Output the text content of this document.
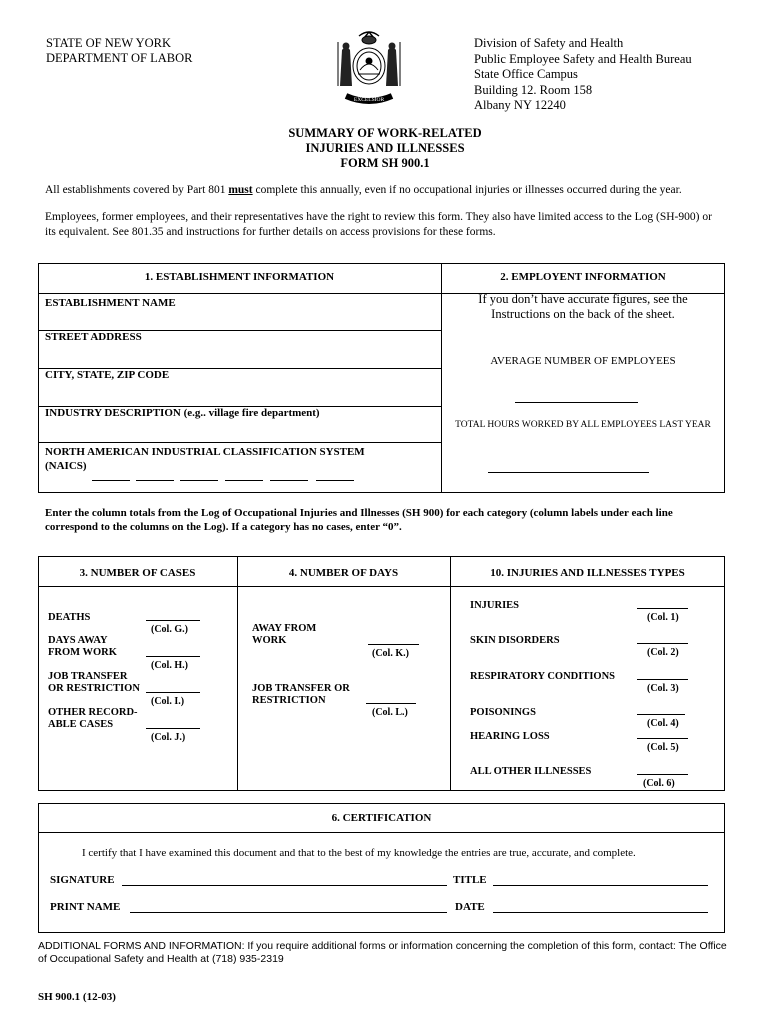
STATE OF NEW YORK
DEPARTMENT OF LABOR
EXCELSIOR
Division of Safety and Health
Public Employee Safety and Health Bureau
State Office Campus
Building 12. Room 158
Albany NY 12240
SUMMARY OF WORK-RELATED
INJURIES AND ILLNESSES
FORM SH 900.1
All establishments covered by Part 801 must complete this annually, even if no occupational injuries or illnesses occurred during the year.
Employees, former employees, and their representatives have the right to review this form. They also have limited access to the Log (SH-900) or its equivalent. See 801.35 and instructions for further details on access provisions for these forms.
1. ESTABLISHMENT INFORMATION	2. EMPLOYENT INFORMATION
ESTABLISHMENT NAME
STREET ADDRESS
CITY, STATE, ZIP CODE
INDUSTRY DESCRIPTION (e.g.. village fire department)
NORTH AMERICAN INDUSTRIAL CLASSIFICATION SYSTEM
(NAICS)
If you don’t have accurate figures, see the
Instructions on the back of the sheet.
AVERAGE NUMBER OF EMPLOYEES
TOTAL HOURS WORKED BY ALL EMPLOYEES LAST YEAR
Enter the column totals from the Log of Occupational Injuries and Illnesses (SH 900) for each category (column labels under each line correspond to the columns on the Log). If a category has no cases, enter “0”.
3. NUMBER OF CASES	4. NUMBER OF DAYS	10. INJURIES AND ILLNESSES TYPES
DEATHS
(Col. G.)
DAYS AWAY
FROM WORK
(Col. H.)
JOB TRANSFER
OR RESTRICTION
(Col. I.)
OTHER RECORD-
ABLE CASES
(Col. J.)
AWAY FROM
WORK
(Col. K.)
JOB TRANSFER OR
RESTRICTION
(Col. L.)
INJURIES
(Col. 1)
SKIN DISORDERS
(Col. 2)
RESPIRATORY CONDITIONS
(Col. 3)
POISONINGS
(Col. 4)
HEARING LOSS
(Col. 5)
ALL OTHER ILLNESSES
(Col. 6)
6. CERTIFICATION
I certify that I have examined this document and that to the best of my knowledge the entries are true, accurate, and complete.
SIGNATURE	TITLE
PRINT NAME	DATE
ADDITIONAL FORMS AND INFORMATION: If you require additional forms or information concerning the completion of this form, contact: The Office of Occupational Safety and Health at (718) 935-2319
SH 900.1 (12-03)
